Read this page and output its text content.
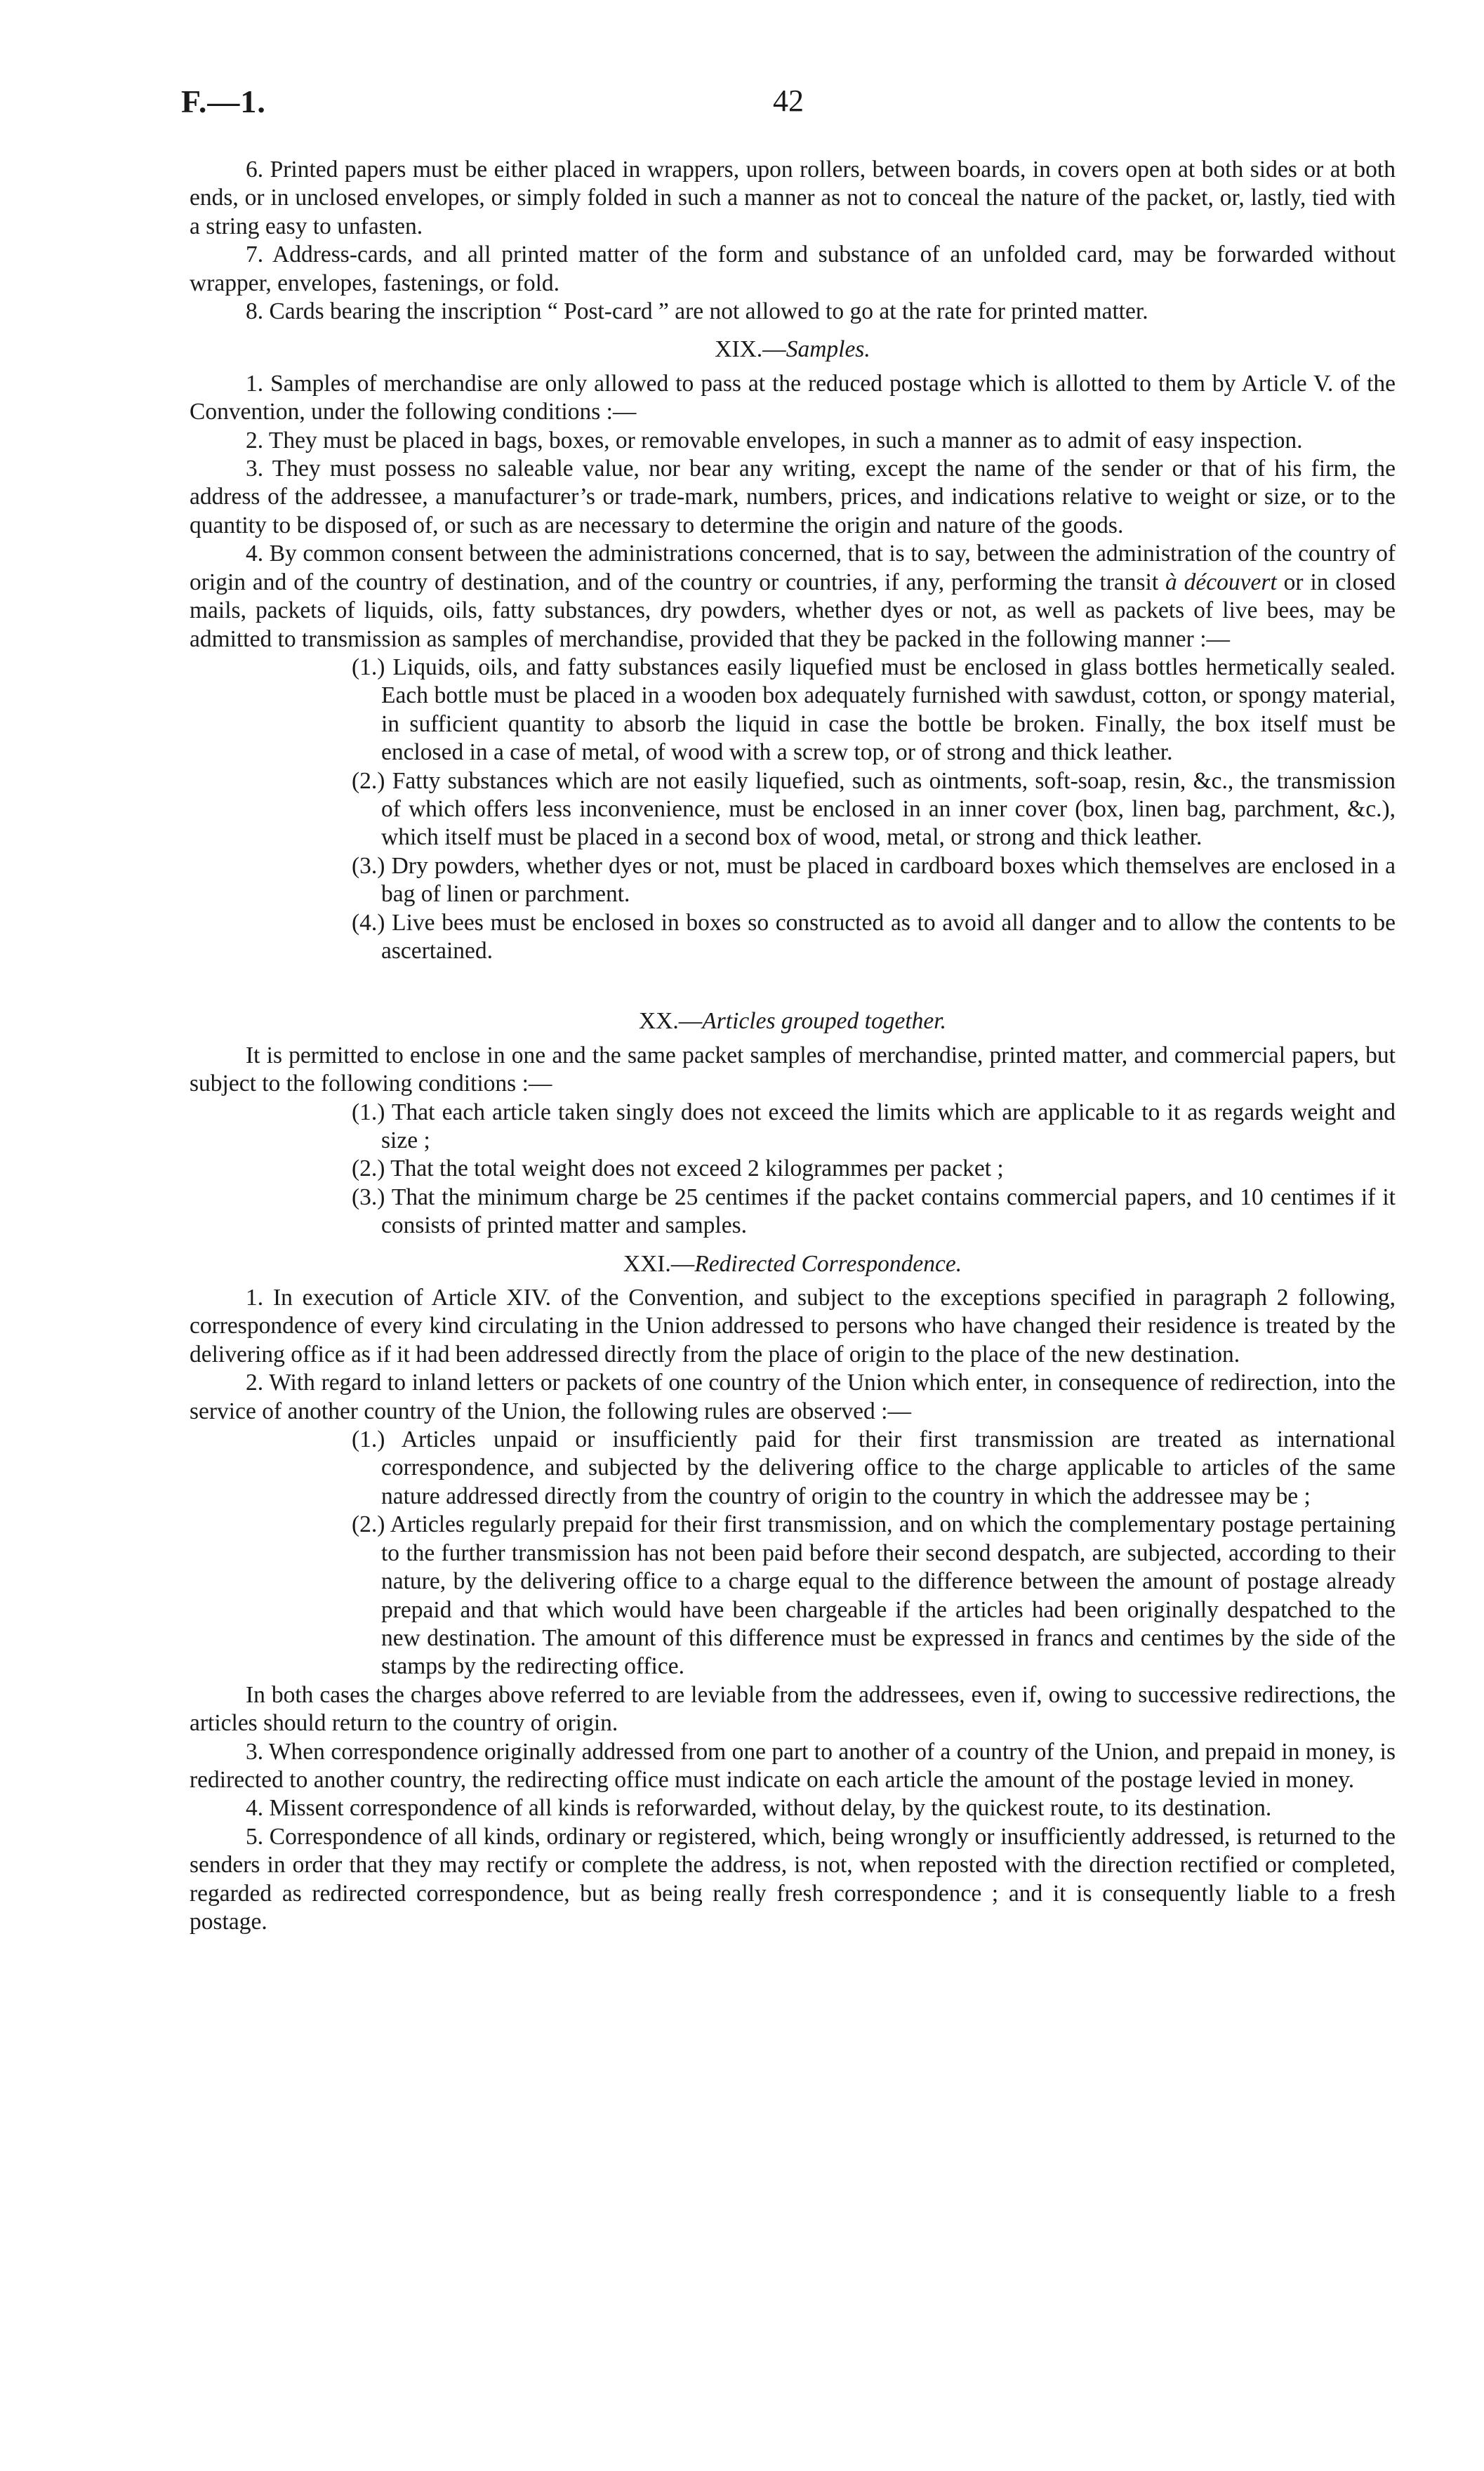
F.—1.	42

6. Printed papers must be either placed in wrappers, upon rollers, between boards, in covers open at both sides or at both ends, or in unclosed envelopes, or simply folded in such a manner as not to conceal the nature of the packet, or, lastly, tied with a string easy to unfasten.

7. Address-cards, and all printed matter of the form and substance of an unfolded card, may be forwarded without wrapper, envelopes, fastenings, or fold.

8. Cards bearing the inscription “ Post-card ” are not allowed to go at the rate for printed matter.

XIX.—Samples.

1. Samples of merchandise are only allowed to pass at the reduced postage which is allotted to them by Article V. of the Convention, under the following conditions :—

2. They must be placed in bags, boxes, or removable envelopes, in such a manner as to admit of easy inspection.

3. They must possess no saleable value, nor bear any writing, except the name of the sender or that of his firm, the address of the addressee, a manufacturer’s or trade-mark, numbers, prices, and indications relative to weight or size, or to the quantity to be disposed of, or such as are necessary to determine the origin and nature of the goods.

4. By common consent between the administrations concerned, that is to say, between the administration of the country of origin and of the country of destination, and of the country or countries, if any, performing the transit à découvert or in closed mails, packets of liquids, oils, fatty substances, dry powders, whether dyes or not, as well as packets of live bees, may be admitted to transmission as samples of merchandise, provided that they be packed in the following manner :—

(1.) Liquids, oils, and fatty substances easily liquefied must be enclosed in glass bottles hermetically sealed. Each bottle must be placed in a wooden box adequately furnished with sawdust, cotton, or spongy material, in sufficient quantity to absorb the liquid in case the bottle be broken. Finally, the box itself must be enclosed in a case of metal, of wood with a screw top, or of strong and thick leather.

(2.) Fatty substances which are not easily liquefied, such as ointments, soft-soap, resin, &c., the transmission of which offers less inconvenience, must be enclosed in an inner cover (box, linen bag, parchment, &c.), which itself must be placed in a second box of wood, metal, or strong and thick leather.

(3.) Dry powders, whether dyes or not, must be placed in cardboard boxes which themselves are enclosed in a bag of linen or parchment.

(4.) Live bees must be enclosed in boxes so constructed as to avoid all danger and to allow the contents to be ascertained.

XX.—Articles grouped together.

It is permitted to enclose in one and the same packet samples of merchandise, printed matter, and commercial papers, but subject to the following conditions :—

(1.) That each article taken singly does not exceed the limits which are applicable to it as regards weight and size ;

(2.) That the total weight does not exceed 2 kilogrammes per packet ;

(3.) That the minimum charge be 25 centimes if the packet contains commercial papers, and 10 centimes if it consists of printed matter and samples.

XXI.—Redirected Correspondence.

1. In execution of Article XIV. of the Convention, and subject to the exceptions specified in paragraph 2 following, correspondence of every kind circulating in the Union addressed to persons who have changed their residence is treated by the delivering office as if it had been addressed directly from the place of origin to the place of the new destination.

2. With regard to inland letters or packets of one country of the Union which enter, in consequence of redirection, into the service of another country of the Union, the following rules are observed :—

(1.) Articles unpaid or insufficiently paid for their first transmission are treated as international correspondence, and subjected by the delivering office to the charge applicable to articles of the same nature addressed directly from the country of origin to the country in which the addressee may be ;

(2.) Articles regularly prepaid for their first transmission, and on which the complementary postage pertaining to the further transmission has not been paid before their second despatch, are subjected, according to their nature, by the delivering office to a charge equal to the difference between the amount of postage already prepaid and that which would have been chargeable if the articles had been originally despatched to the new destination. The amount of this difference must be expressed in francs and centimes by the side of the stamps by the redirecting office.

In both cases the charges above referred to are leviable from the addressees, even if, owing to successive redirections, the articles should return to the country of origin.

3. When correspondence originally addressed from one part to another of a country of the Union, and prepaid in money, is redirected to another country, the redirecting office must indicate on each article the amount of the postage levied in money.

4. Missent correspondence of all kinds is reforwarded, without delay, by the quickest route, to its destination.

5. Correspondence of all kinds, ordinary or registered, which, being wrongly or insufficiently addressed, is returned to the senders in order that they may rectify or complete the address, is not, when reposted with the direction rectified or completed, regarded as redirected correspondence, but as being really fresh correspondence ; and it is consequently liable to a fresh postage.
